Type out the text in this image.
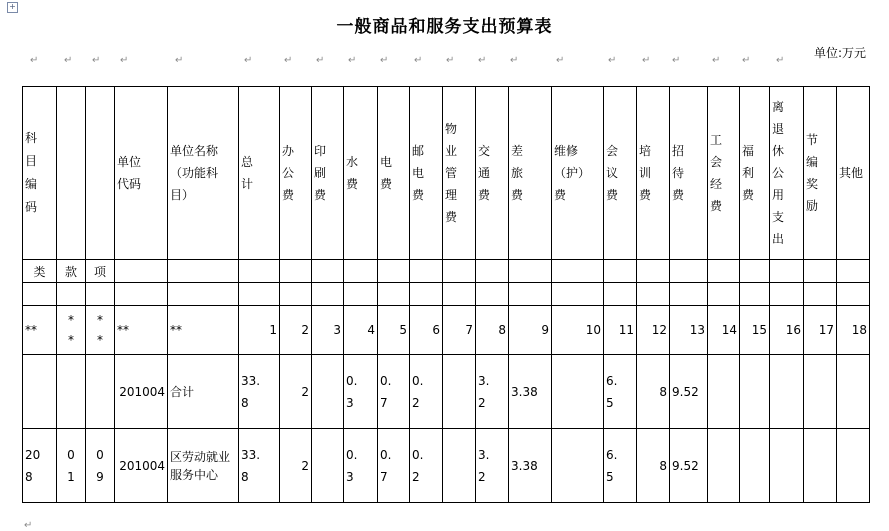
+
一般商品和服务支出预算表
单位:万元
↵	↵ ↵ ↵	↵	↵	↵ ↵ ↵ ↵	↵ ↵ ↵ ↵	↵	↵	↵ ↵	↵ ↵	↵
科目编码			单位代码	单位名称（功能科目）	总计	办公费	印刷费	水费	电费	邮电费	物业管理费	交通费	差旅费	维修（护）费	会议费	培训费	招待费	工会经费	福利费	离退休公用支出	节编奖励	其他

类	款	项																				

**	**	**	**	**	1	2	3	4	5	6	7	8	9	10	11	12	13	14	15	16	17	18

			201004	合计	33.8	2		0.3	0.7	0.2		3.2	3.38		6.5	8	9.52					

208	01	09	201004	区劳动就业服务中心	33.8	2		0.3	0.7	0.2		3.2	3.38		6.5	8	9.52					

↵
